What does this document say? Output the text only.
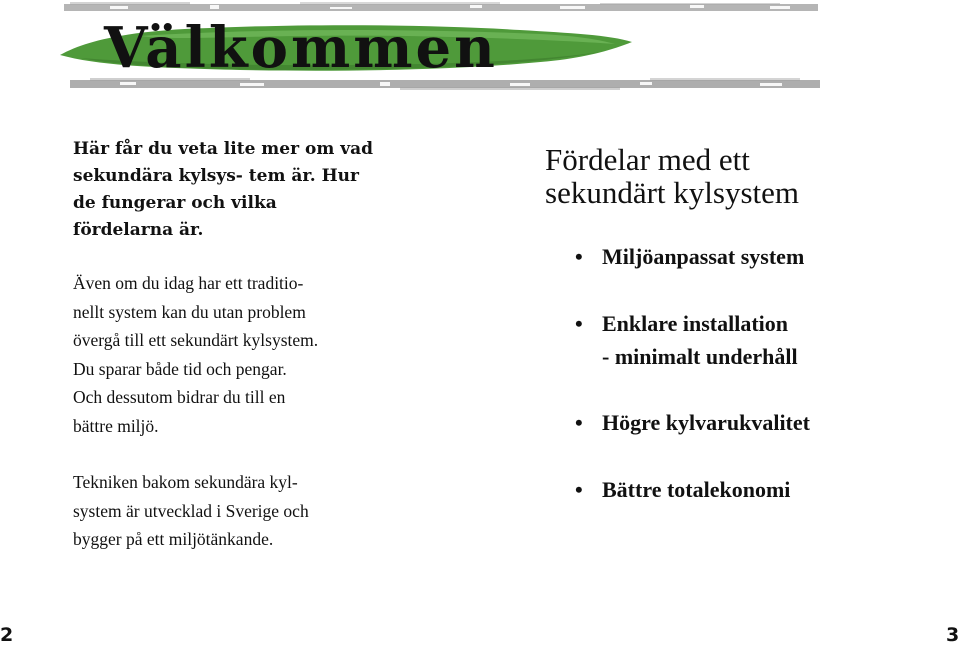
Välkommen

Här får du veta lite mer om vad sekundära kylsys- tem är. Hur de fungerar och vilka fördelarna är.

Även om du idag har ett traditio-
nellt system kan du utan problem
övergå till ett sekundärt kylsystem.
Du sparar både tid och pengar.
Och dessutom bidrar du till en
bättre miljö.

Tekniken bakom sekundära kyl-
system är utvecklad i Sverige och
bygger på ett miljötänkande.

Fördelar med ett
sekundärt kylsystem
• Miljöanpassat system
• Enklare installation
- minimalt underhåll
• Högre kylvarukvalitet
• Bättre totalekonomi

2	3
